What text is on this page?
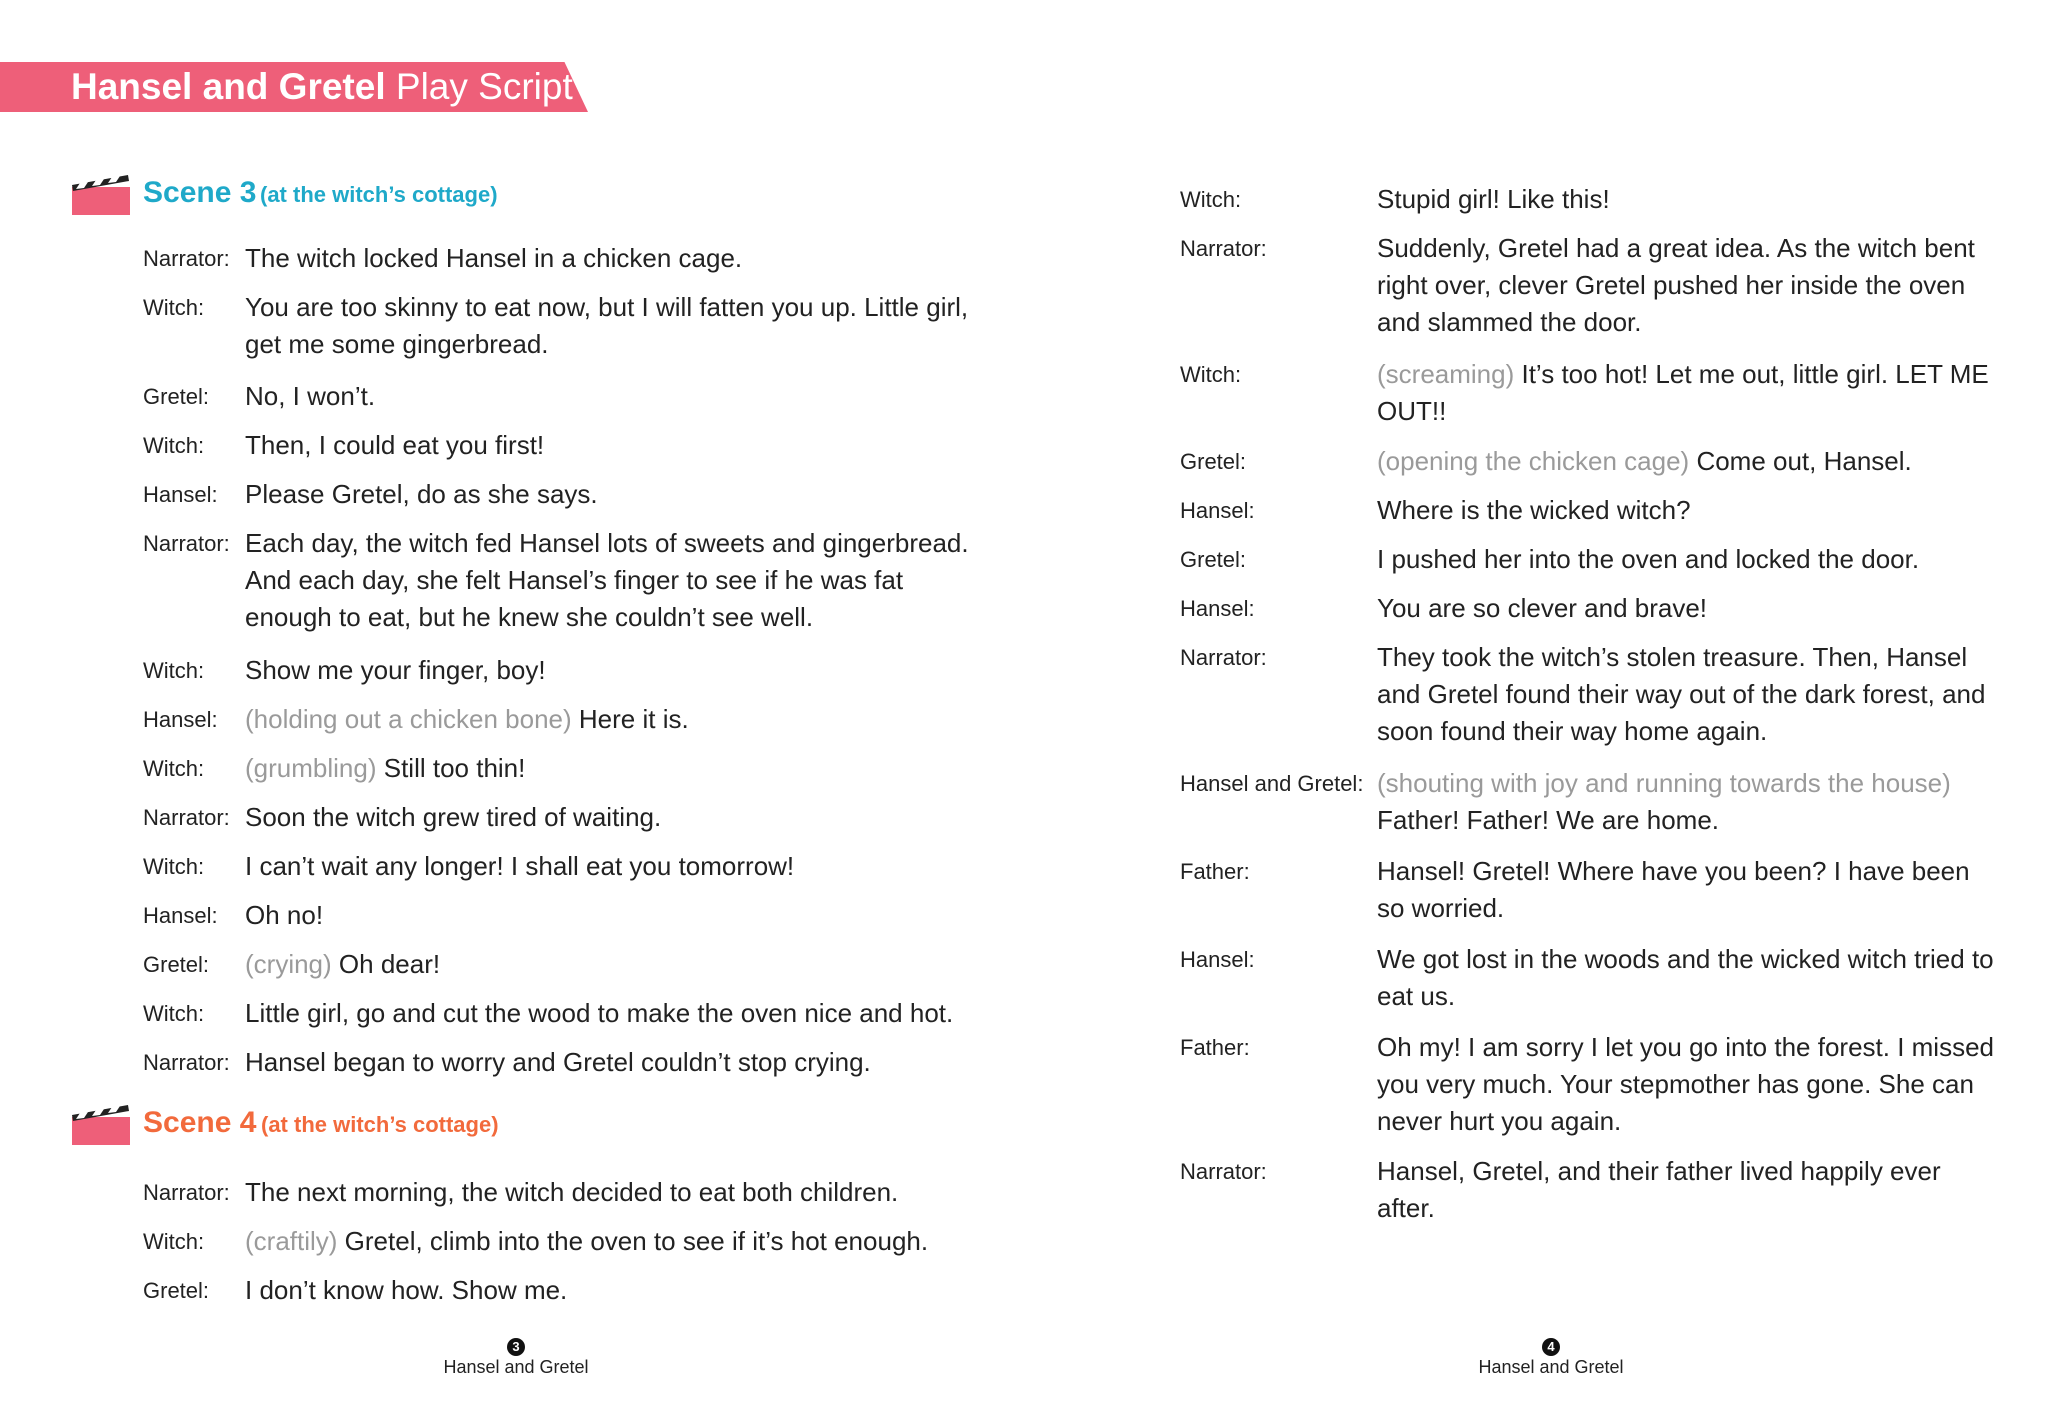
Hansel and Gretel Play Script
Scene 3 (at the witch’s cottage)
Narrator: The witch locked Hansel in a chicken cage.
Witch:	You are too skinny to eat now, but I will fatten you up. Little girl, get me some gingerbread.
Gretel:	No, I won’t.
Witch:	Then, I could eat you first!
Hansel:	Please Gretel, do as she says.
Narrator: Each day, the witch fed Hansel lots of sweets and gingerbread. And each day, she felt Hansel’s finger to see if he was fat enough to eat, but he knew she couldn’t see well.
Witch:	Show me your finger, boy!
Hansel:	(holding out a chicken bone) Here it is.
Witch:	(grumbling) Still too thin!
Narrator: Soon the witch grew tired of waiting.
Witch:	I can’t wait any longer! I shall eat you tomorrow!
Hansel:	Oh no!
Gretel:	(crying) Oh dear!
Witch:	Little girl, go and cut the wood to make the oven nice and hot.
Narrator: Hansel began to worry and Gretel couldn’t stop crying.
Scene 4 (at the witch’s cottage)
Narrator: The next morning, the witch decided to eat both children.
Witch:	(craftily) Gretel, climb into the oven to see if it’s hot enough.
Gretel:	I don’t know how. Show me.
Witch:	Stupid girl! Like this!
Narrator:	Suddenly, Gretel had a great idea. As the witch bent right over, clever Gretel pushed her inside the oven and slammed the door.
Witch:	(screaming) It’s too hot! Let me out, little girl. LET ME OUT!!
Gretel:	(opening the chicken cage) Come out, Hansel.
Hansel:	Where is the wicked witch?
Gretel:	I pushed her into the oven and locked the door.
Hansel:	You are so clever and brave!
Narrator:	They took the witch’s stolen treasure. Then, Hansel and Gretel found their way out of the dark forest, and soon found their way home again.
Hansel and Gretel: (shouting with joy and running towards the house) Father! Father! We are home.
Father:	Hansel! Gretel! Where have you been? I have been so worried.
Hansel:	We got lost in the woods and the wicked witch tried to eat us.
Father:	Oh my! I am sorry I let you go into the forest. I missed you very much. Your stepmother has gone. She can never hurt you again.
Narrator:	Hansel, Gretel, and their father lived happily ever after.
3
Hansel and Gretel
4
Hansel and Gretel
